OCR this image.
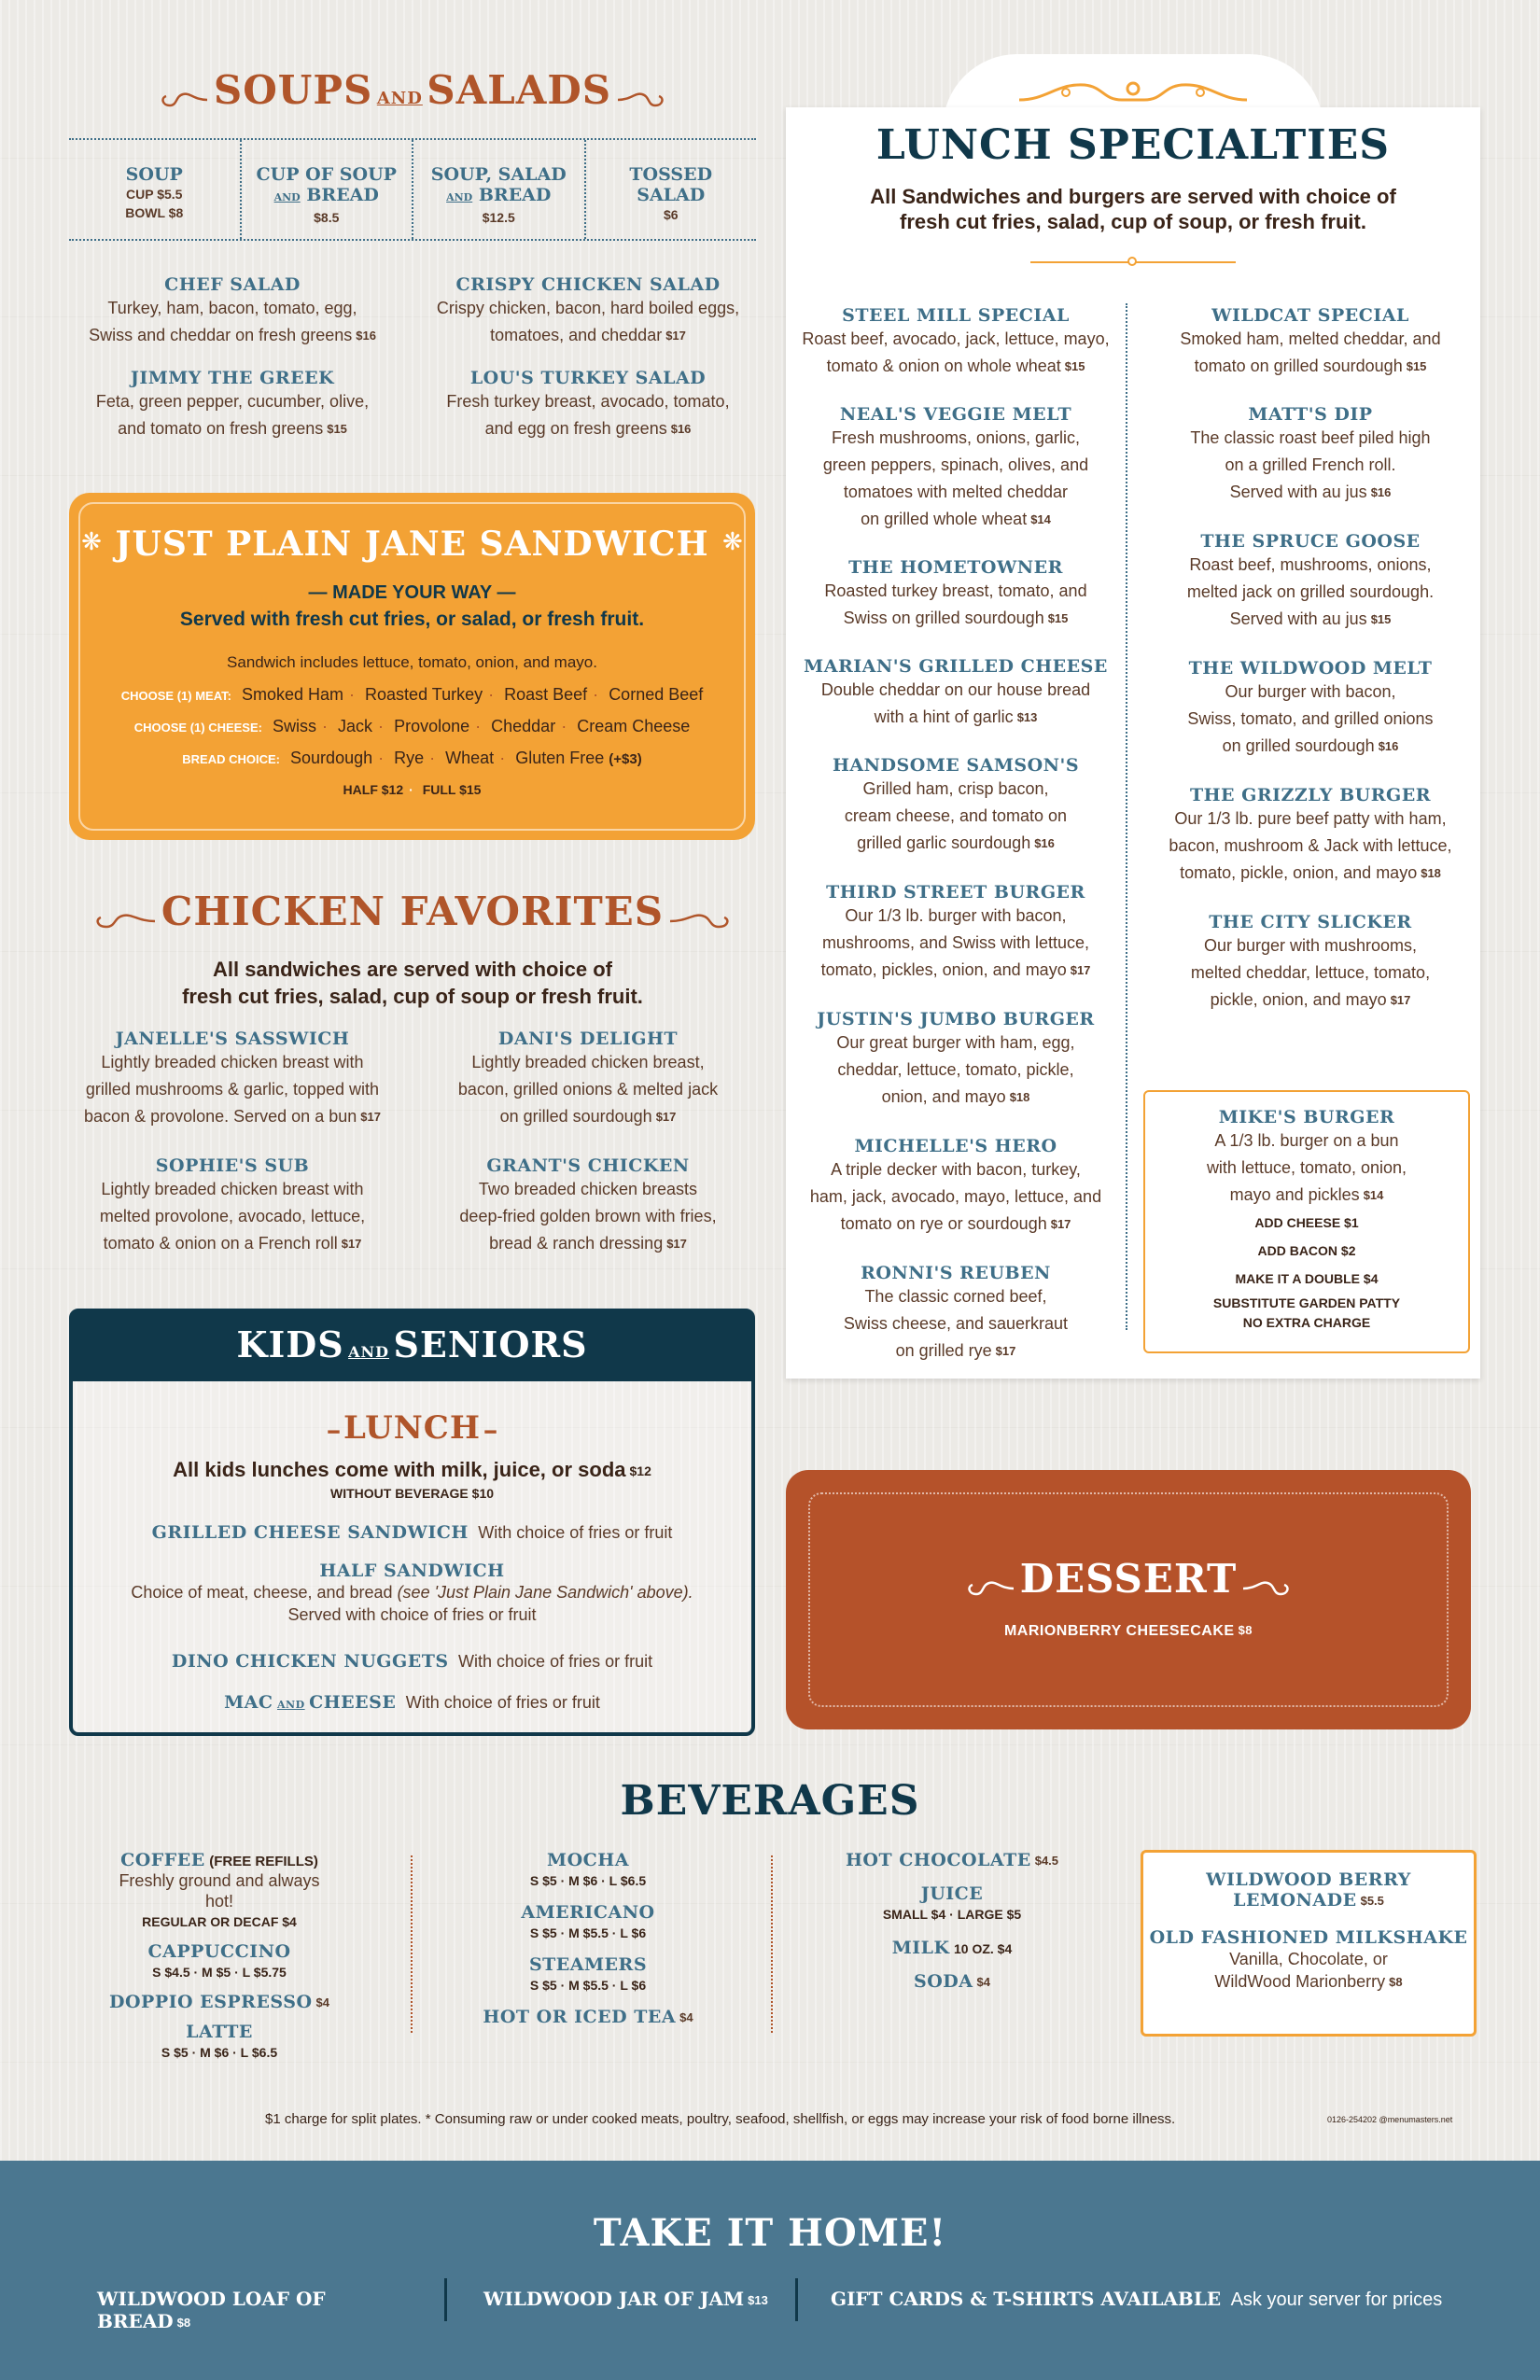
SOUPS AND SALADS
SOUP
CUP $5.5
BOWL $8
CUP OF SOUP
AND BREAD
$8.5
SOUP, SALAD
AND BREAD
$12.5
TOSSED
SALAD
$6
CHEF SALAD
Turkey, ham, bacon, tomato, egg,
Swiss and cheddar on fresh greens $16
CRISPY CHICKEN SALAD
Crispy chicken, bacon, hard boiled eggs,
tomatoes, and cheddar $17
JIMMY THE GREEK
Feta, green pepper, cucumber, olive,
and tomato on fresh greens $15
LOU'S TURKEY SALAD
Fresh turkey breast, avocado, tomato,
and egg on fresh greens $16
❋ JUST PLAIN JANE SANDWICH ❋
— MADE YOUR WAY —
Served with fresh cut fries, or salad, or fresh fruit.
Sandwich includes lettuce, tomato, onion, and mayo.
CHOOSE (1) MEAT: Smoked Ham · Roasted Turkey · Roast Beef · Corned Beef
CHOOSE (1) CHEESE: Swiss · Jack · Provolone · Cheddar · Cream Cheese
BREAD CHOICE: Sourdough · Rye · Wheat · Gluten Free (+$3)
HALF $12 · FULL $15
CHICKEN FAVORITES
All sandwiches are served with choice of
fresh cut fries, salad, cup of soup or fresh fruit.
JANELLE'S SASSWICH
Lightly breaded chicken breast with
grilled mushrooms & garlic, topped with
bacon & provolone. Served on a bun $17
DANI'S DELIGHT
Lightly breaded chicken breast,
bacon, grilled onions & melted jack
on grilled sourdough $17
SOPHIE'S SUB
Lightly breaded chicken breast with
melted provolone, avocado, lettuce,
tomato & onion on a French roll $17
GRANT'S CHICKEN
Two breaded chicken breasts
deep-fried golden brown with fries,
bread & ranch dressing $17
KIDS AND SENIORS
━ LUNCH ━
All kids lunches come with milk, juice, or soda $12
WITHOUT BEVERAGE $10
GRILLED CHEESE SANDWICH With choice of fries or fruit
HALF SANDWICH
Choice of meat, cheese, and bread (see 'Just Plain Jane Sandwich' above).
Served with choice of fries or fruit
DINO CHICKEN NUGGETS With choice of fries or fruit
MAC AND CHEESE With choice of fries or fruit
LUNCH SPECIALTIES
All Sandwiches and burgers are served with choice of
fresh cut fries, salad, cup of soup, or fresh fruit.
STEEL MILL SPECIAL
Roast beef, avocado, jack, lettuce, mayo,
tomato & onion on whole wheat $15
NEAL'S VEGGIE MELT
Fresh mushrooms, onions, garlic,
green peppers, spinach, olives, and
tomatoes with melted cheddar
on grilled whole wheat $14
THE HOMETOWNER
Roasted turkey breast, tomato, and
Swiss on grilled sourdough $15
MARIAN'S GRILLED CHEESE
Double cheddar on our house bread
with a hint of garlic $13
HANDSOME SAMSON'S
Grilled ham, crisp bacon,
cream cheese, and tomato on
grilled garlic sourdough $16
THIRD STREET BURGER
Our 1/3 lb. burger with bacon,
mushrooms, and Swiss with lettuce,
tomato, pickles, onion, and mayo $17
JUSTIN'S JUMBO BURGER
Our great burger with ham, egg,
cheddar, lettuce, tomato, pickle,
onion, and mayo $18
MICHELLE'S HERO
A triple decker with bacon, turkey,
ham, jack, avocado, mayo, lettuce, and
tomato on rye or sourdough $17
RONNI'S REUBEN
The classic corned beef,
Swiss cheese, and sauerkraut
on grilled rye $17
WILDCAT SPECIAL
Smoked ham, melted cheddar, and
tomato on grilled sourdough $15
MATT'S DIP
The classic roast beef piled high
on a grilled French roll.
Served with au jus $16
THE SPRUCE GOOSE
Roast beef, mushrooms, onions,
melted jack on grilled sourdough.
Served with au jus $15
THE WILDWOOD MELT
Our burger with bacon,
Swiss, tomato, and grilled onions
on grilled sourdough $16
THE GRIZZLY BURGER
Our 1/3 lb. pure beef patty with ham,
bacon, mushroom & Jack with lettuce,
tomato, pickle, onion, and mayo $18
THE CITY SLICKER
Our burger with mushrooms,
melted cheddar, lettuce, tomato,
pickle, onion, and mayo $17
MIKE'S BURGER
A 1/3 lb. burger on a bun
with lettuce, tomato, onion,
mayo and pickles $14
ADD CHEESE $1
ADD BACON $2
MAKE IT A DOUBLE $4
SUBSTITUTE GARDEN PATTY
NO EXTRA CHARGE
DESSERT
MARIONBERRY CHEESECAKE $8
BEVERAGES
COFFEE (FREE REFILLS)
Freshly ground and always hot!
REGULAR OR DECAF $4
CAPPUCCINO
S $4.5 · M $5 · L $5.75
DOPPIO ESPRESSO $4
LATTE
S $5 · M $6 · L $6.5
MOCHA
S $5 · M $6 · L $6.5
AMERICANO
S $5 · M $5.5 · L $6
STEAMERS
S $5 · M $5.5 · L $6
HOT OR ICED TEA $4
HOT CHOCOLATE $4.5
JUICE
SMALL $4 · LARGE $5
MILK 10 OZ. $4
SODA $4
WILDWOOD BERRY
LEMONADE $5.5
OLD FASHIONED MILKSHAKE
Vanilla, Chocolate, or
WildWood Marionberry $8
$1 charge for split plates. * Consuming raw or under cooked meats, poultry, seafood, shellfish, or eggs may increase your risk of food borne illness.	0126-254202 @menumasters.net
TAKE IT HOME!
WILDWOOD LOAF OF BREAD $8
WILDWOOD JAR OF JAM $13	GIFT CARDS & T-SHIRTS AVAILABLE Ask your server for prices
